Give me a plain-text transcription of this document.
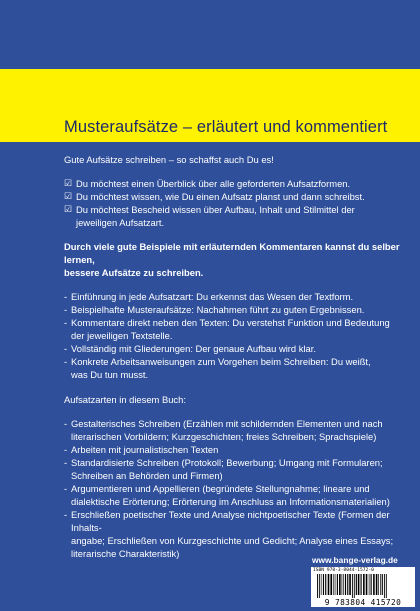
Musteraufsätze – erläutert und kommentiert
Gute Aufsätze schreiben – so schaffst auch Du es!
☑ Du möchtest einen Überblick über alle geforderten Aufsatzformen.
☑ Du möchtest wissen, wie Du einen Aufsatz planst und dann schreibst.
☑ Du möchtest Bescheid wissen über Aufbau, Inhalt und Stilmittel der
jeweiligen Aufsatzart.
Durch viele gute Beispiele mit erläuternden Kommentaren kannst du selber lernen,
bessere Aufsätze zu schreiben.
- Einführung in jede Aufsatzart: Du erkennst das Wesen der Textform.
- Beispielhafte Musteraufsätze: Nachahmen führt zu guten Ergebnissen.
- Kommentare direkt neben den Texten: Du verstehst Funktion und Bedeutung
der jeweiligen Textstelle.
- Vollständig mit Gliederungen: Der genaue Aufbau wird klar.
- Konkrete Arbeitsanweisungen zum Vorgehen beim Schreiben: Du weißt,
was Du tun musst.
Aufsatzarten in diesem Buch:
- Gestalterisches Schreiben (Erzählen mit schildernden Elementen und nach
literarischen Vorbildern; Kurzgeschichten; freies Schreiben; Sprachspiele)
- Arbeiten mit journalistischen Texten
- Standardisierte Schreiben (Protokoll; Bewerbung; Umgang mit Formularen;
Schreiben an Behörden und Firmen)
- Argumentieren und Appellieren (begründete Stellungnahme; lineare und
dialektische Erörterung; Erörterung im Anschluss an Informationsmaterialien)
- Erschließen poetischer Texte und Analyse nichtpoetischer Texte (Formen der Inhalts-
angabe; Erschließen von Kurzgeschichte und Gedicht; Analyse eines Essays;
literarische Charakteristik)
www.bange-verlag.de
ISBN 978-3-8044-1572-0
9 783804 415720
